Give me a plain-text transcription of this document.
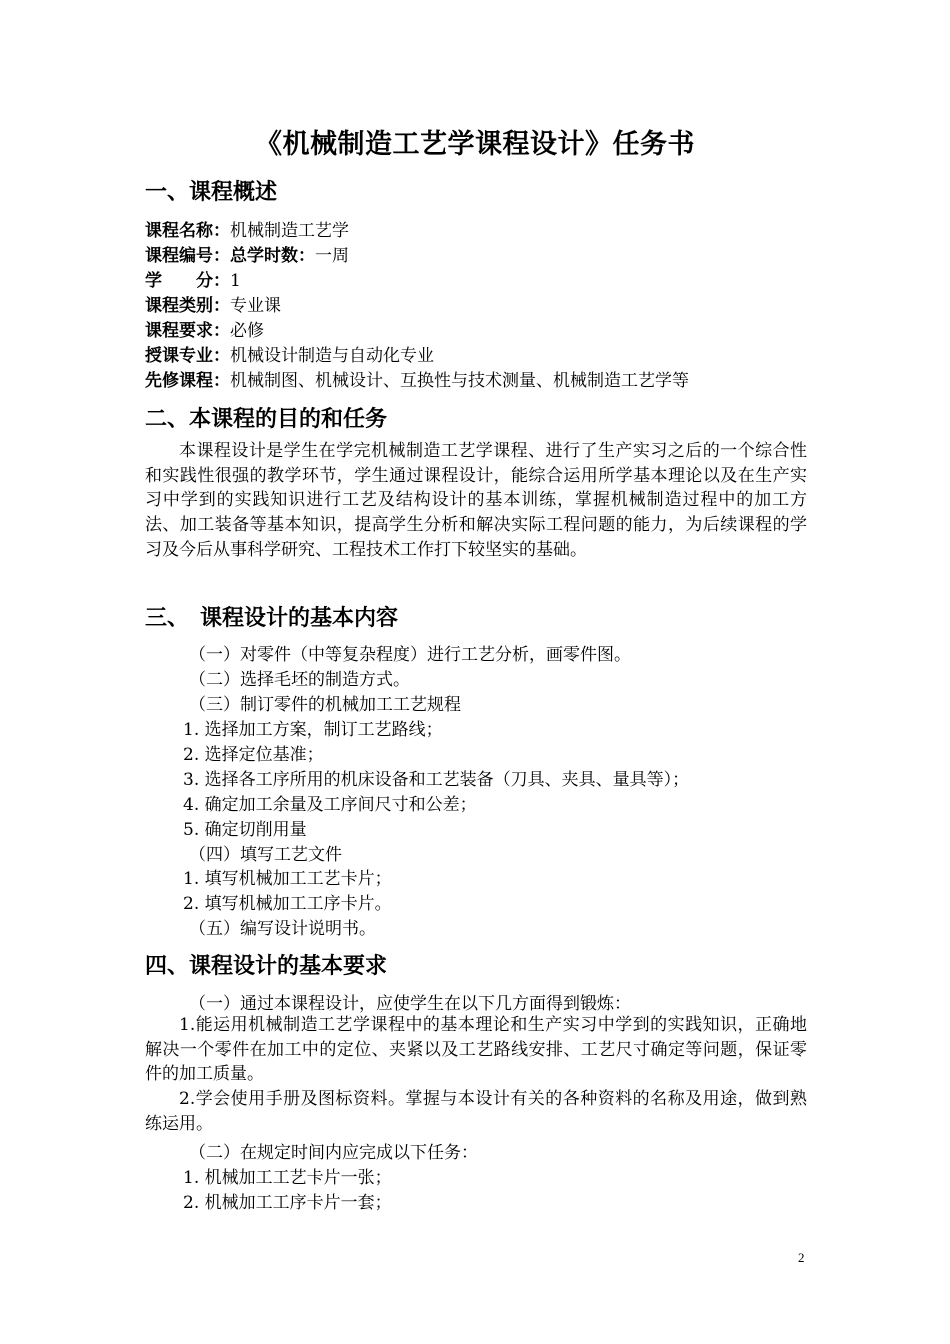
《机械制造工艺学课程设计》任务书
一、课程概述
课程名称：机械制造工艺学
课程编号：总学时数：一周
学　　分：1
课程类别：专业课
课程要求：必修
授课专业：机械设计制造与自动化专业
先修课程：机械制图、机械设计、互换性与技术测量、机械制造工艺学等
二、本课程的目的和任务
本课程设计是学生在学完机械制造工艺学课程、进行了生产实习之后的一个综合性和实践性很强的教学环节，学生通过课程设计，能综合运用所学基本理论以及在生产实习中学到的实践知识进行工艺及结构设计的基本训练，掌握机械制造过程中的加工方法、加工装备等基本知识，提高学生分析和解决实际工程问题的能力，为后续课程的学习及今后从事科学研究、工程技术工作打下较坚实的基础。
三、　课程设计的基本内容
（一）对零件（中等复杂程度）进行工艺分析，画零件图。
（二）选择毛坯的制造方式。
（三）制订零件的机械加工工艺规程
1. 选择加工方案，制订工艺路线；
2. 选择定位基准；
3. 选择各工序所用的机床设备和工艺装备（刀具、夹具、量具等）；
4. 确定加工余量及工序间尺寸和公差；
5. 确定切削用量
（四）填写工艺文件
1. 填写机械加工工艺卡片；
2. 填写机械加工工序卡片。
（五）编写设计说明书。
四、课程设计的基本要求
（一）通过本课程设计，应使学生在以下几方面得到锻炼：
1.能运用机械制造工艺学课程中的基本理论和生产实习中学到的实践知识，正确地解决一个零件在加工中的定位、夹紧以及工艺路线安排、工艺尺寸确定等问题，保证零件的加工质量。
2.学会使用手册及图标资料。掌握与本设计有关的各种资料的名称及用途，做到熟练运用。
（二）在规定时间内应完成以下任务：
1. 机械加工工艺卡片一张；
2. 机械加工工序卡片一套；
2
